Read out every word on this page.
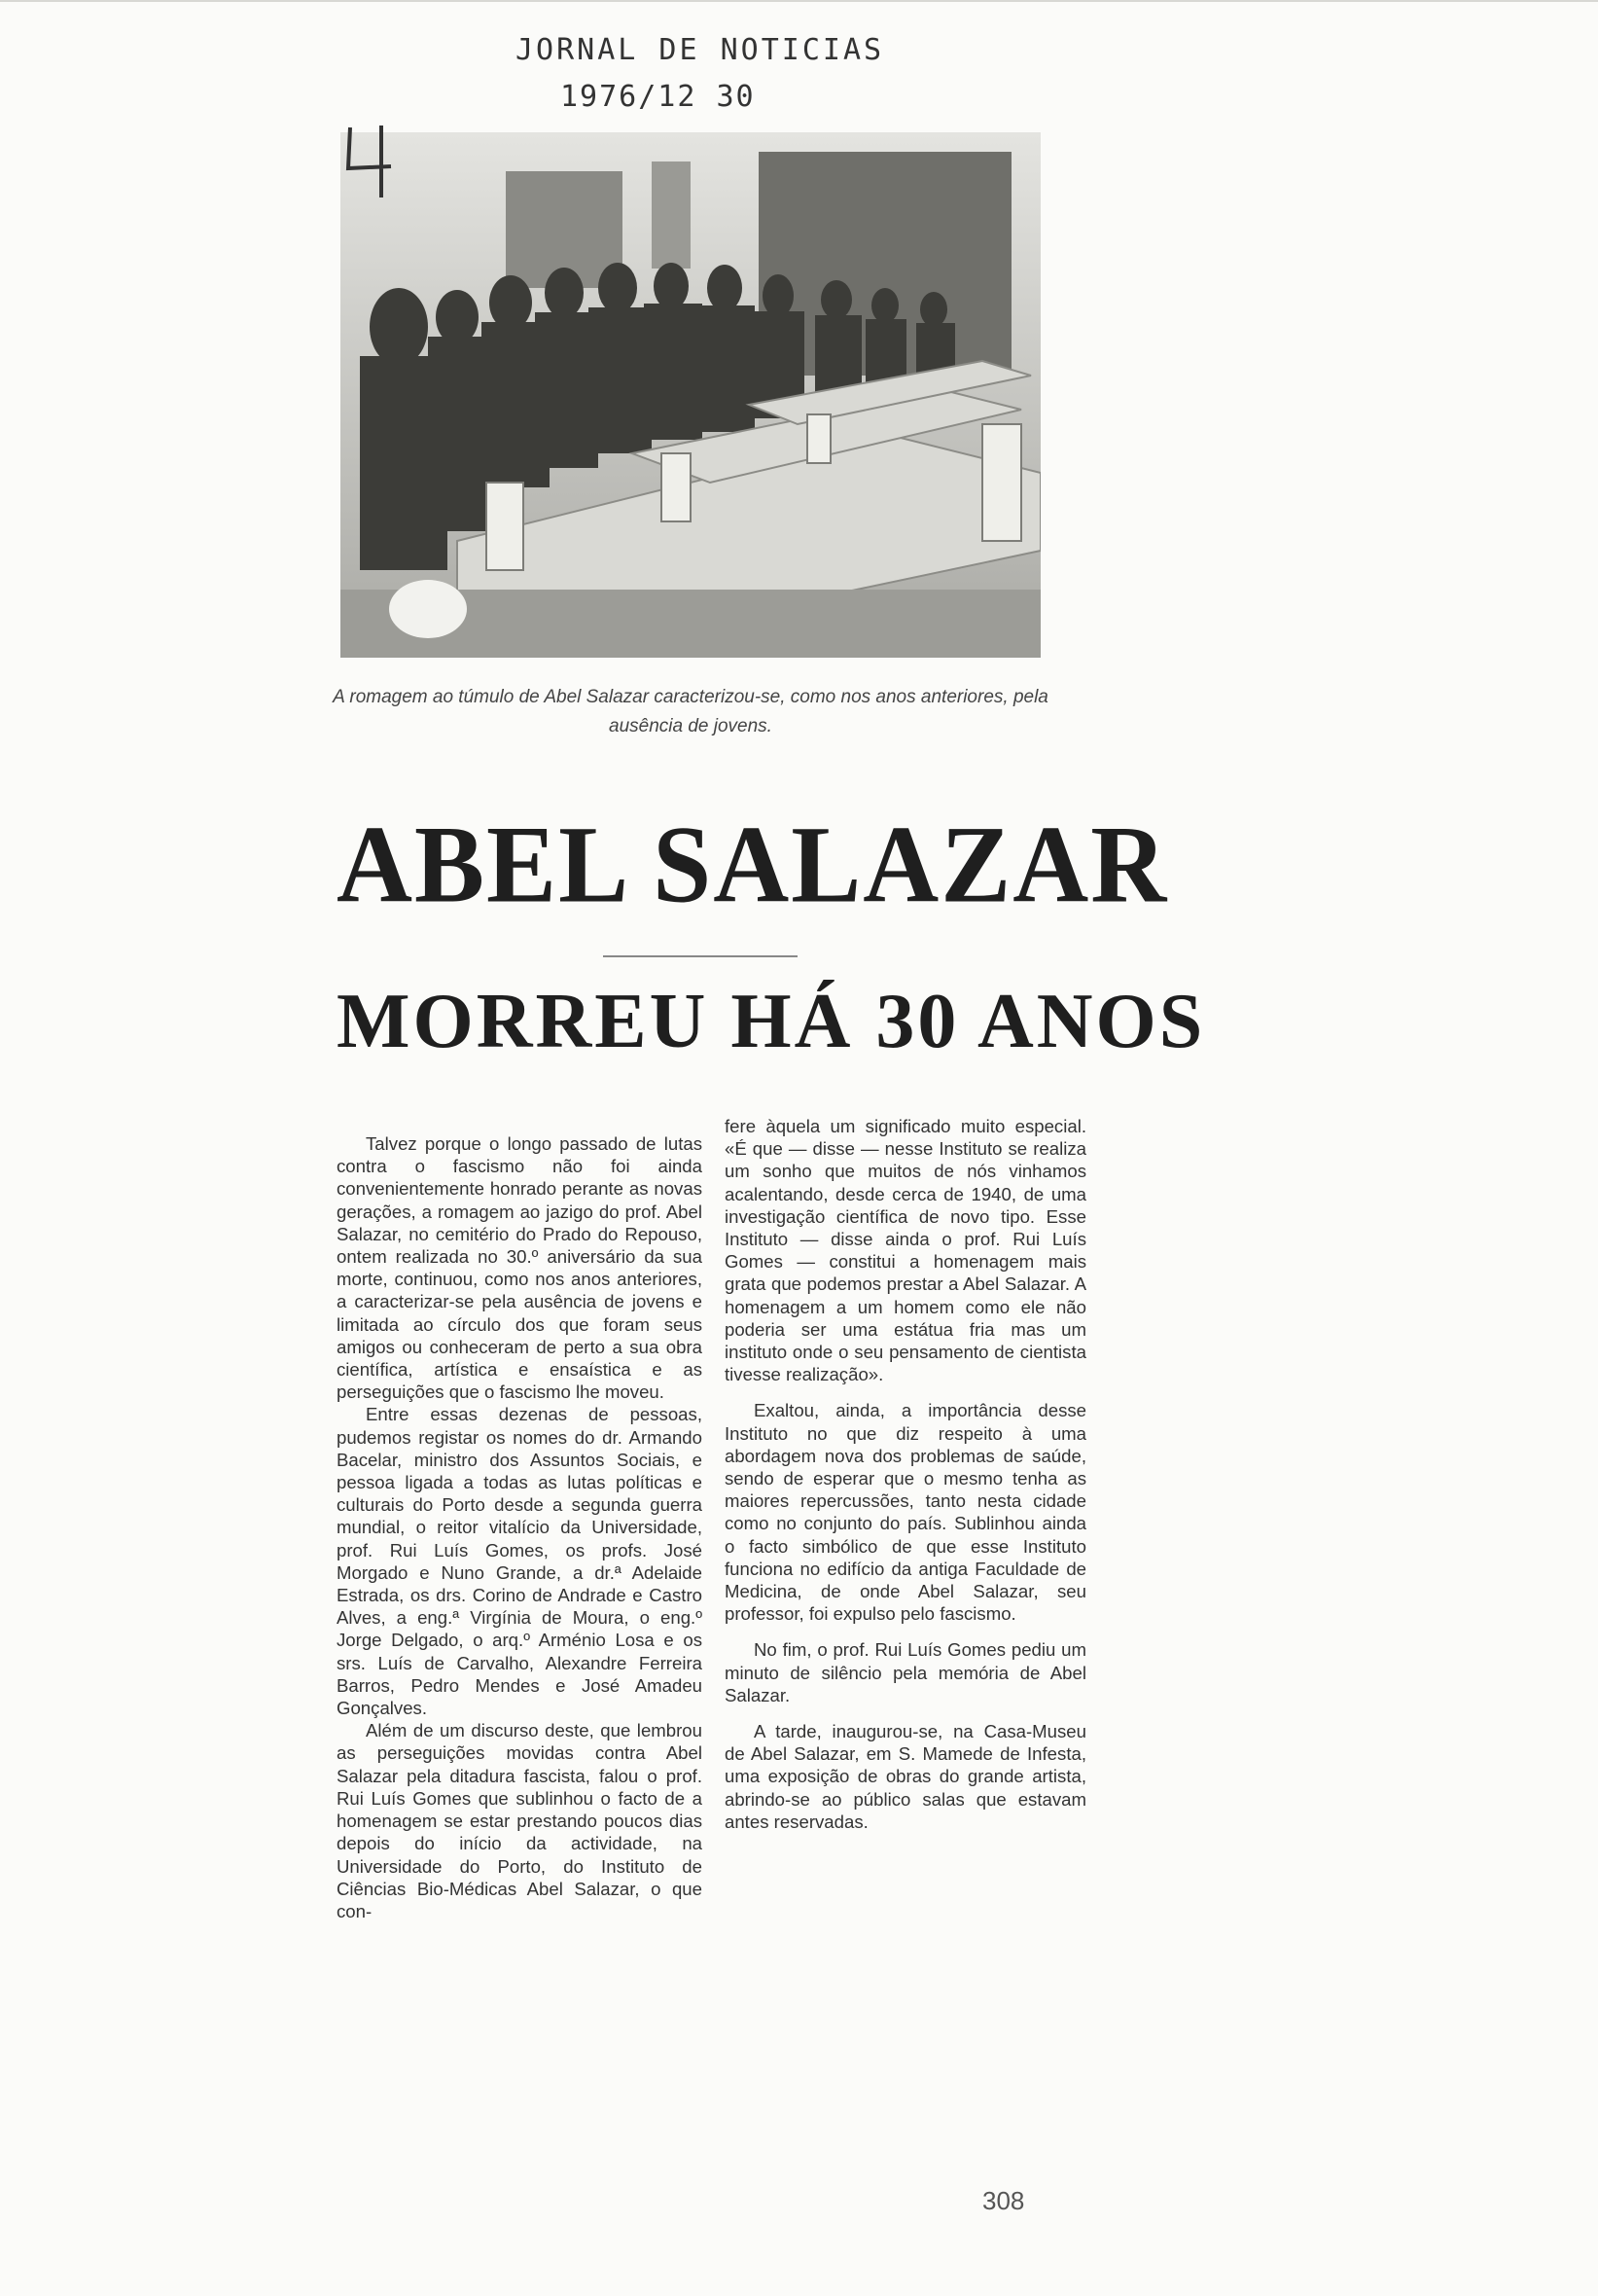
JORNAL DE NOTICIAS
1976/12 30
A romagem ao túmulo de Abel Salazar caracterizou-se, como nos anos anteriores, pela ausência de jovens.
ABEL SALAZAR
MORREU HÁ 30 ANOS

Talvez porque o longo passado de lutas contra o fascismo não foi ainda convenientemente honrado perante as novas gerações, a romagem ao jazigo do prof. Abel Salazar, no cemitério do Prado do Repouso, ontem realizada no 30.º aniversário da sua morte, continuou, como nos anos anteriores, a caracterizar-se pela ausência de jovens e limitada ao círculo dos que foram seus amigos ou conheceram de perto a sua obra científica, artística e ensaística e as perseguições que o fascismo lhe moveu.

Entre essas dezenas de pessoas, pudemos registar os nomes do dr. Armando Bacelar, ministro dos Assuntos Sociais, e pessoa ligada a todas as lutas políticas e culturais do Porto desde a segunda guerra mundial, o reitor vitalício da Universidade, prof. Rui Luís Gomes, os profs. José Morgado e Nuno Grande, a dr.ª Adelaide Estrada, os drs. Corino de Andrade e Castro Alves, a eng.ª Virgínia de Moura, o eng.º Jorge Delgado, o arq.º Arménio Losa e os srs. Luís de Carvalho, Alexandre Ferreira Barros, Pedro Mendes e José Amadeu Gonçalves.

Além de um discurso deste, que lembrou as perseguições movidas contra Abel Salazar pela ditadura fascista, falou o prof. Rui Luís Gomes que sublinhou o facto de a homenagem se estar prestando poucos dias depois do início da actividade, na Universidade do Porto, do Instituto de Ciências Bio-Médicas Abel Salazar, o que con-

fere àquela um significado muito especial. «É que — disse — nesse Instituto se realiza um sonho que muitos de nós vinhamos acalentando, desde cerca de 1940, de uma investigação científica de novo tipo. Esse Instituto — disse ainda o prof. Rui Luís Gomes — constitui a homenagem mais grata que podemos prestar a Abel Salazar. A homenagem a um homem como ele não poderia ser uma estátua fria mas um instituto onde o seu pensamento de cientista tivesse realização».

Exaltou, ainda, a importância desse Instituto no que diz respeito à uma abordagem nova dos problemas de saúde, sendo de esperar que o mesmo tenha as maiores repercussões, tanto nesta cidade como no conjunto do país. Sublinhou ainda o facto simbólico de que esse Instituto funciona no edifício da antiga Faculdade de Medicina, de onde Abel Salazar, seu professor, foi expulso pelo fascismo.

No fim, o prof. Rui Luís Gomes pediu um minuto de silêncio pela memória de Abel Salazar.

A tarde, inaugurou-se, na Casa-Museu de Abel Salazar, em S. Mamede de Infesta, uma exposição de obras do grande artista, abrindo-se ao público salas que estavam antes reservadas.

308
